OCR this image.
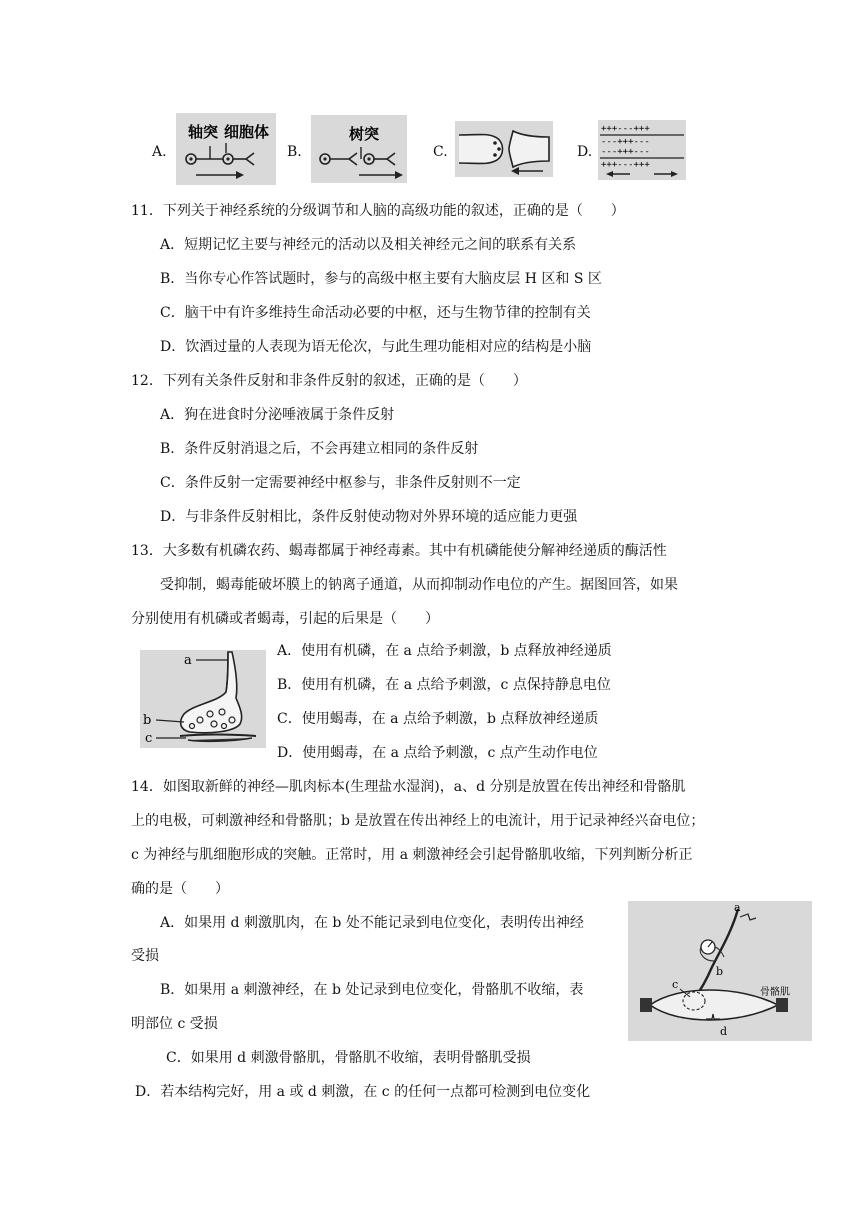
A.
轴突 细胞体
B.
树突
C.	D.
+++---+++
---+++---
---+++---
+++---+++
11．下列关于神经系统的分级调节和人脑的高级功能的叙述，正确的是（　　）
A．短期记忆主要与神经元的活动以及相关神经元之间的联系有关系
B．当你专心作答试题时，参与的高级中枢主要有大脑皮层 H 区和 S 区
C．脑干中有许多维持生命活动必要的中枢，还与生物节律的控制有关
D．饮酒过量的人表现为语无伦次，与此生理功能相对应的结构是小脑
12．下列有关条件反射和非条件反射的叙述，正确的是（　　）
A．狗在进食时分泌唾液属于条件反射
B．条件反射消退之后，不会再建立相同的条件反射
C．条件反射一定需要神经中枢参与，非条件反射则不一定
D．与非条件反射相比，条件反射使动物对外界环境的适应能力更强
13．大多数有机磷农药、蝎毒都属于神经毒素。其中有机磷能使分解神经递质的酶活性
受抑制，蝎毒能破坏膜上的钠离子通道，从而抑制动作电位的产生。据图回答，如果
分别使用有机磷或者蝎毒，引起的后果是（　　）
a
b
c
A．使用有机磷，在 a 点给予刺激，b 点释放神经递质
B．使用有机磷，在 a 点给予刺激，c 点保持静息电位
C．使用蝎毒，在 a 点给予刺激，b 点释放神经递质
D．使用蝎毒，在 a 点给予刺激，c 点产生动作电位
14．如图取新鲜的神经—肌肉标本(生理盐水湿润)，a、d 分别是放置在传出神经和骨骼肌
上的电极，可刺激神经和骨骼肌；b 是放置在传出神经上的电流计，用于记录神经兴奋电位；
c 为神经与肌细胞形成的突触。正常时，用 a 刺激神经会引起骨骼肌收缩，下列判断分析正
确的是（　　）
A．如果用 d 刺激肌肉，在 b 处不能记录到电位变化，表明传出神经
受损
B．如果用 a 刺激神经，在 b 处记录到电位变化，骨骼肌不收缩，表
明部位 c 受损
C．如果用 d 刺激骨骼肌，骨骼肌不收缩，表明骨骼肌受损
D．若本结构完好，用 a 或 d 刺激，在 c 的任何一点都可检测到电位变化
a
b
c
d
骨骼肌
